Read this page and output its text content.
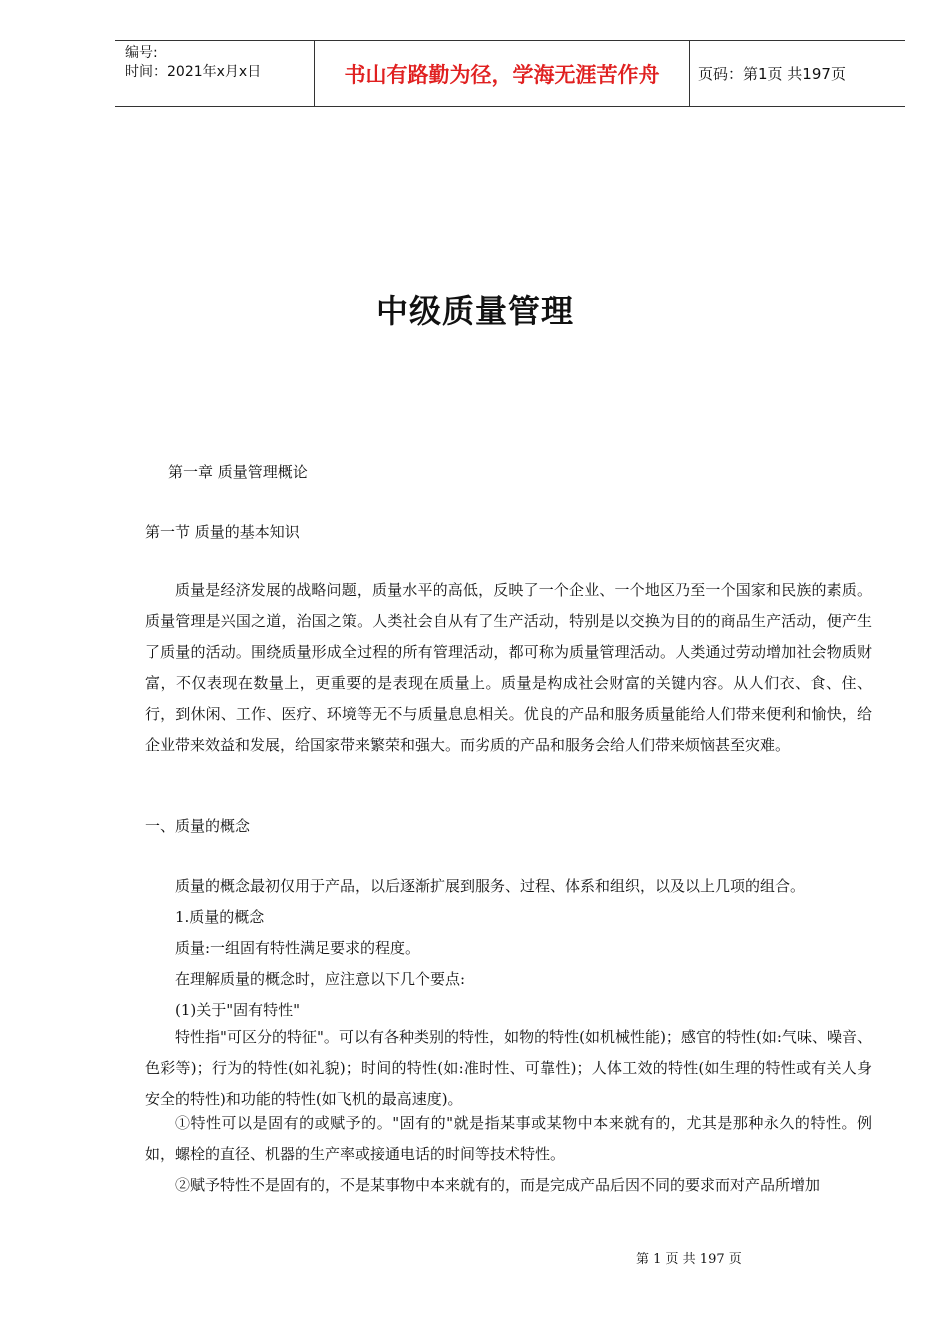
编号:
时间：2021年x月x日	书山有路勤为径，学海无涯苦作舟	页码：第1页 共197页
中级质量管理
第一章 质量管理概论
第一节 质量的基本知识

质量是经济发展的战略问题，质量水平的高低，反映了一个企业、一个地区乃至一个国家和民族的素质。质量管理是兴国之道，治国之策。人类社会自从有了生产活动，特别是以交换为目的的商品生产活动，便产生了质量的活动。围绕质量形成全过程的所有管理活动，都可称为质量管理活动。人类通过劳动增加社会物质财富，不仅表现在数量上，更重要的是表现在质量上。质量是构成社会财富的关键内容。从人们衣、食、住、行，到休闲、工作、医疗、环境等无不与质量息息相关。优良的产品和服务质量能给人们带来便利和愉快，给企业带来效益和发展，给国家带来繁荣和强大。而劣质的产品和服务会给人们带来烦恼甚至灾难。

一、质量的概念
质量的概念最初仅用于产品，以后逐渐扩展到服务、过程、体系和组织，以及以上几项的组合。
1.质量的概念
质量:一组固有特性满足要求的程度。
在理解质量的概念时，应注意以下几个要点:
(1)关于"固有特性"

特性指"可区分的特征"。可以有各种类别的特性，如物的特性(如机械性能)；感官的特性(如:气味、噪音、色彩等)；行为的特性(如礼貌)；时间的特性(如:准时性、可靠性)；人体工效的特性(如生理的特性或有关人身安全的特性)和功能的特性(如飞机的最高速度)。

①特性可以是固有的或赋予的。"固有的"就是指某事或某物中本来就有的，尤其是那种永久的特性。例如，螺栓的直径、机器的生产率或接通电话的时间等技术特性。

②赋予特性不是固有的，不是某事物中本来就有的，而是完成产品后因不同的要求而对产品所增加

第 1 页 共 197 页
